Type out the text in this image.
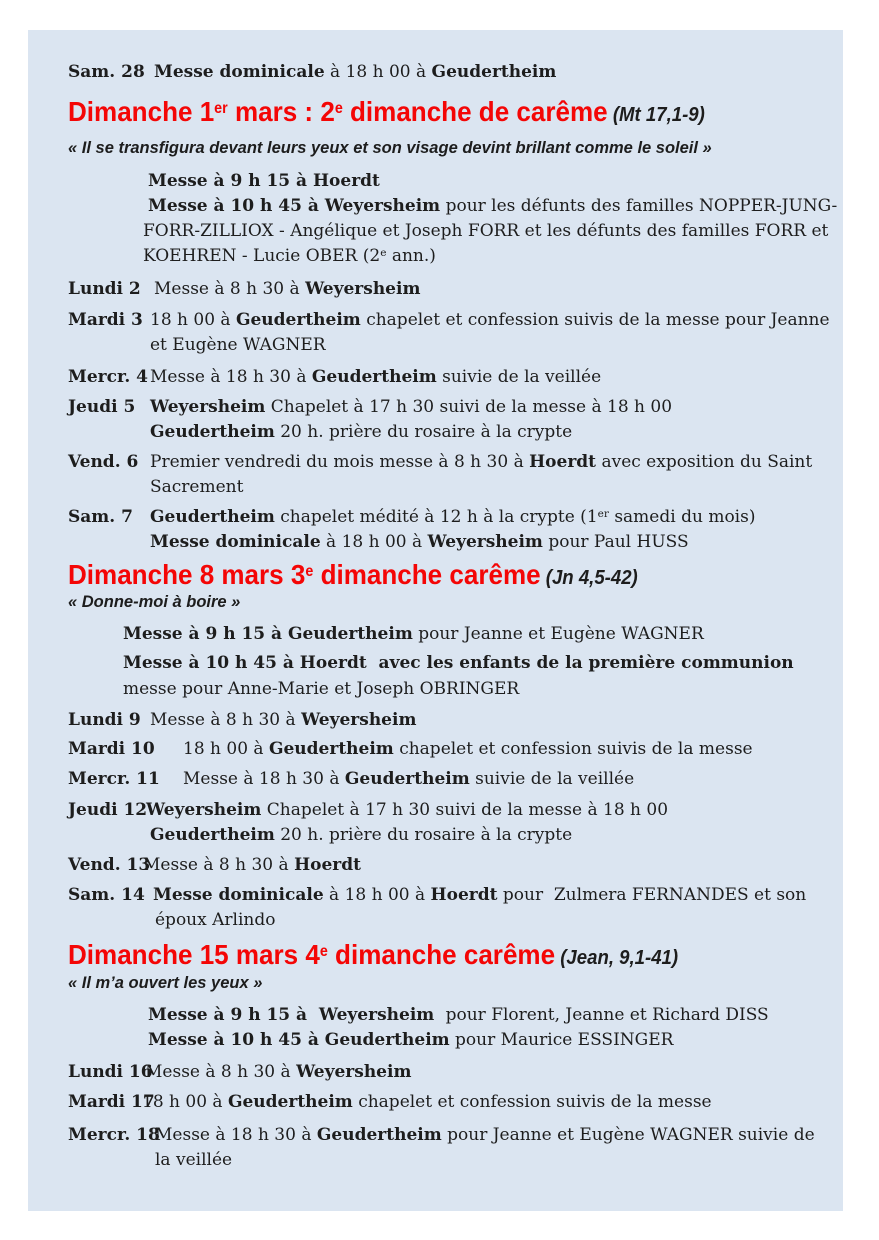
Sam. 28 Messe dominicale à 18 h 00 à Geudertheim
Dimanche 1er mars : 2e dimanche de carême (Mt 17,1-9)
« Il se transfigura devant leurs yeux et son visage devint brillant comme le soleil »
Messe à 9 h 15 à Hoerdt
Messe à 10 h 45 à Weyersheim pour les défunts des familles NOPPER-JUNG-
FORR-ZILLIOX - Angélique et Joseph FORR et les défunts des familles FORR et
KOEHREN - Lucie OBER (2e ann.)
Lundi 2 Messe à 8 h 30 à Weyersheim
Mardi 3 18 h 00 à Geudertheim chapelet et confession suivis de la messe pour Jeanne
et Eugène WAGNER
Mercr. 4 Messe à 18 h 30 à Geudertheim suivie de la veillée
Jeudi 5 Weyersheim Chapelet à 17 h 30 suivi de la messe à 18 h 00
Geudertheim 20 h. prière du rosaire à la crypte
Vend. 6 Premier vendredi du mois messe à 8 h 30 à Hoerdt avec exposition du Saint
Sacrement
Sam. 7 Geudertheim chapelet médité à 12 h à la crypte (1er samedi du mois)
Messe dominicale à 18 h 00 à Weyersheim pour Paul HUSS
Dimanche 8 mars 3e dimanche carême (Jn 4,5-42)
« Donne-moi à boire »
Messe à 9 h 15 à Geudertheim pour Jeanne et Eugène WAGNER
Messe à 10 h 45 à Hoerdt  avec les enfants de la première communion
messe pour Anne-Marie et Joseph OBRINGER
Lundi 9 Messe à 8 h 30 à Weyersheim
Mardi 10 18 h 00 à Geudertheim chapelet et confession suivis de la messe
Mercr. 11 Messe à 18 h 30 à Geudertheim suivie de la veillée
Jeudi 12Weyersheim Chapelet à 17 h 30 suivi de la messe à 18 h 00
Geudertheim 20 h. prière du rosaire à la crypte
Vend. 13Messe à 8 h 30 à Hoerdt
Sam. 14 Messe dominicale à 18 h 00 à Hoerdt pour  Zulmera FERNANDES et son
époux Arlindo
Dimanche 15 mars 4e dimanche carême (Jean, 9,1-41)
« Il m’a ouvert les yeux »
Messe à 9 h 15 à  Weyersheim  pour Florent, Jeanne et Richard DISS
Messe à 10 h 45 à Geudertheim pour Maurice ESSINGER
Lundi 16Messe à 8 h 30 à Weyersheim
Mardi 1718 h 00 à Geudertheim chapelet et confession suivis de la messe
Mercr. 18Messe à 18 h 30 à Geudertheim pour Jeanne et Eugène WAGNER suivie de
la veillée
